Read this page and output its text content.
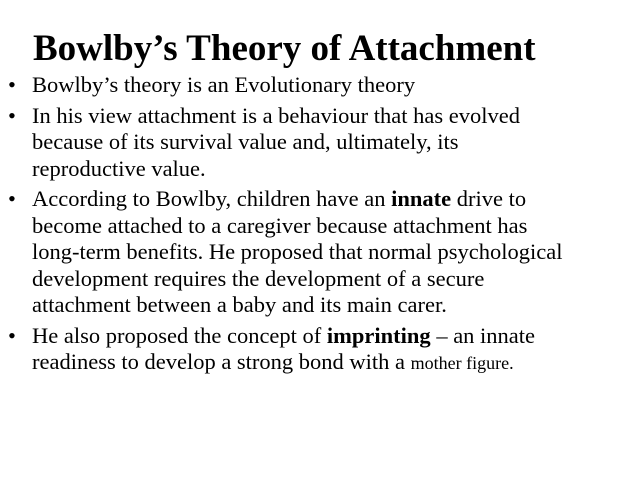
Bowlby’s Theory of Attachment
• Bowlby’s theory is an Evolutionary theory
• In his view attachment is a behaviour that has evolved
because of its survival value and, ultimately, its
reproductive value.
• According to Bowlby, children have an innate drive to
become attached to a caregiver because attachment has
long-term benefits. He proposed that normal psychological
development requires the development of a secure
attachment between a baby and its main carer.
• He also proposed the concept of imprinting – an innate
readiness to develop a strong bond with a mother figure.
